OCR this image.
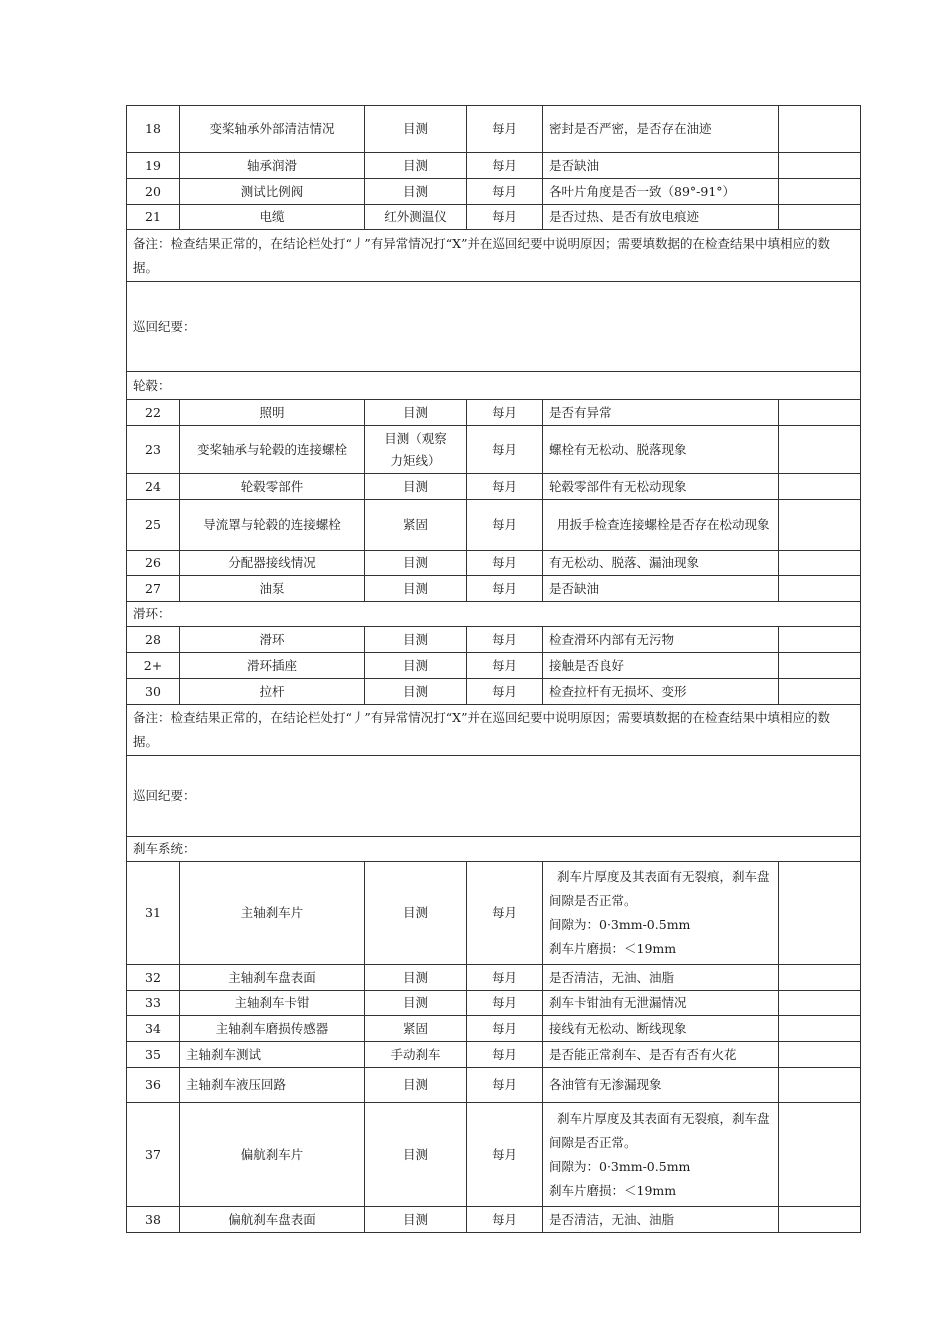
18	变桨轴承外部清洁情况	目测	每月	密封是否严密，是否存在油迹	
19	轴承润滑	目测	每月	是否缺油	
20	测试比例阀	目测	每月	各叶片角度是否一致（89°-91°）	
21	电缆	红外测温仪	每月	是否过热、是否有放电痕迹	
备注：检查结果正常的，在结论栏处打“丿”有异常情况打“X”并在巡回纪要中说明原因；需要填数据的在检查结果中填相应的数据。					
巡回纪要：					
轮毂：					
22	照明	目测	每月	是否有异常	
23	变桨轴承与轮毂的连接螺栓	目测（观察力矩线）	每月	螺栓有无松动、脱落现象	
24	轮毂零部件	目测	每月	轮毂零部件有无松动现象	
25	导流罩与轮毂的连接螺栓	紧固	每月	用扳手检查连接螺栓是否存在松动现象	
26	分配器接线情况	目测	每月	有无松动、脱落、漏油现象	
27	油泵	目测	每月	是否缺油	
滑环：					
28	滑环	目测	每月	检查滑环内部有无污物	
2+	滑环插座	目测	每月	接触是否良好	
30	拉杆	目测	每月	检查拉杆有无损坏、变形	
备注：检查结果正常的，在结论栏处打“丿”有异常情况打“X”并在巡回纪要中说明原因；需要填数据的在检查结果中填相应的数据。					
巡回纪要：					
刹车系统：					
31	主轴刹车片	目测	每月	刹车片厚度及其表面有无裂痕，刹车盘间隙是否正常。
间隙为：0·3mm-0.5mm
刹车片磨损：＜19mm	

32	主轴刹车盘表面	目测	每月	是否清洁，无油、油脂	
33	主轴刹车卡钳	目测	每月	刹车卡钳油有无泄漏情况	
34	主轴刹车磨损传感器	紧固	每月	接线有无松动、断线现象	
35	主轴刹车测试	手动刹车	每月	是否能正常刹车、是否有否有火花	
36	主轴刹车液压回路	目测	每月	各油管有无渗漏现象	
37	偏航刹车片	目测	每月	刹车片厚度及其表面有无裂痕，刹车盘间隙是否正常。
间隙为：0·3mm-0.5mm
刹车片磨损：＜19mm	

38	偏航刹车盘表面	目测	每月	是否清洁，无油、油脂	
